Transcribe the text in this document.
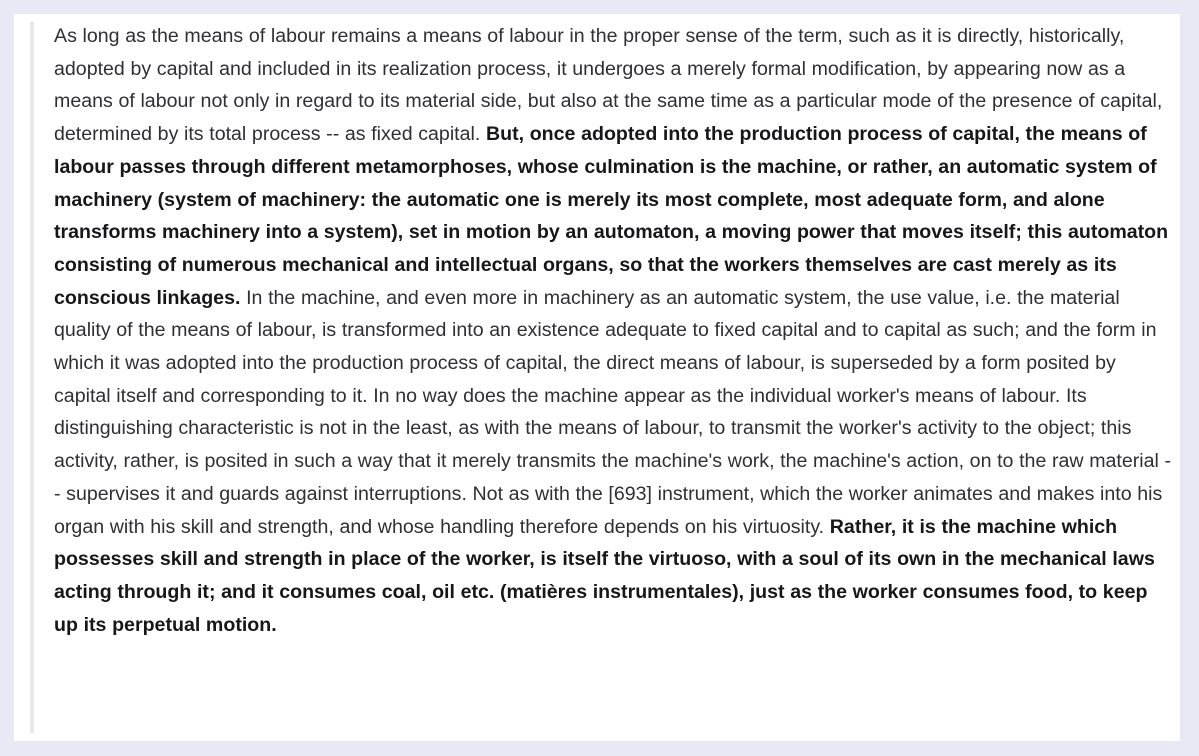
As long as the means of labour remains a means of labour in the proper sense of the term, such as it is directly, historically, adopted by capital and included in its realization process, it undergoes a merely formal modification, by appearing now as a means of labour not only in regard to its material side, but also at the same time as a particular mode of the presence of capital, determined by its total process -- as fixed capital. But, once adopted into the production process of capital, the means of labour passes through different metamorphoses, whose culmination is the machine, or rather, an automatic system of machinery (system of machinery: the automatic one is merely its most complete, most adequate form, and alone transforms machinery into a system), set in motion by an automaton, a moving power that moves itself; this automaton consisting of numerous mechanical and intellectual organs, so that the workers themselves are cast merely as its conscious linkages. In the machine, and even more in machinery as an automatic system, the use value, i.e. the material quality of the means of labour, is transformed into an existence adequate to fixed capital and to capital as such; and the form in which it was adopted into the production process of capital, the direct means of labour, is superseded by a form posited by capital itself and corresponding to it. In no way does the machine appear as the individual worker's means of labour. Its distinguishing characteristic is not in the least, as with the means of labour, to transmit the worker's activity to the object; this activity, rather, is posited in such a way that it merely transmits the machine's work, the machine's action, on to the raw material -- supervises it and guards against interruptions. Not as with the [693] instrument, which the worker animates and makes into his organ with his skill and strength, and whose handling therefore depends on his virtuosity. Rather, it is the machine which possesses skill and strength in place of the worker, is itself the virtuoso, with a soul of its own in the mechanical laws acting through it; and it consumes coal, oil etc. (matières instrumentales), just as the worker consumes food, to keep up its perpetual motion.
